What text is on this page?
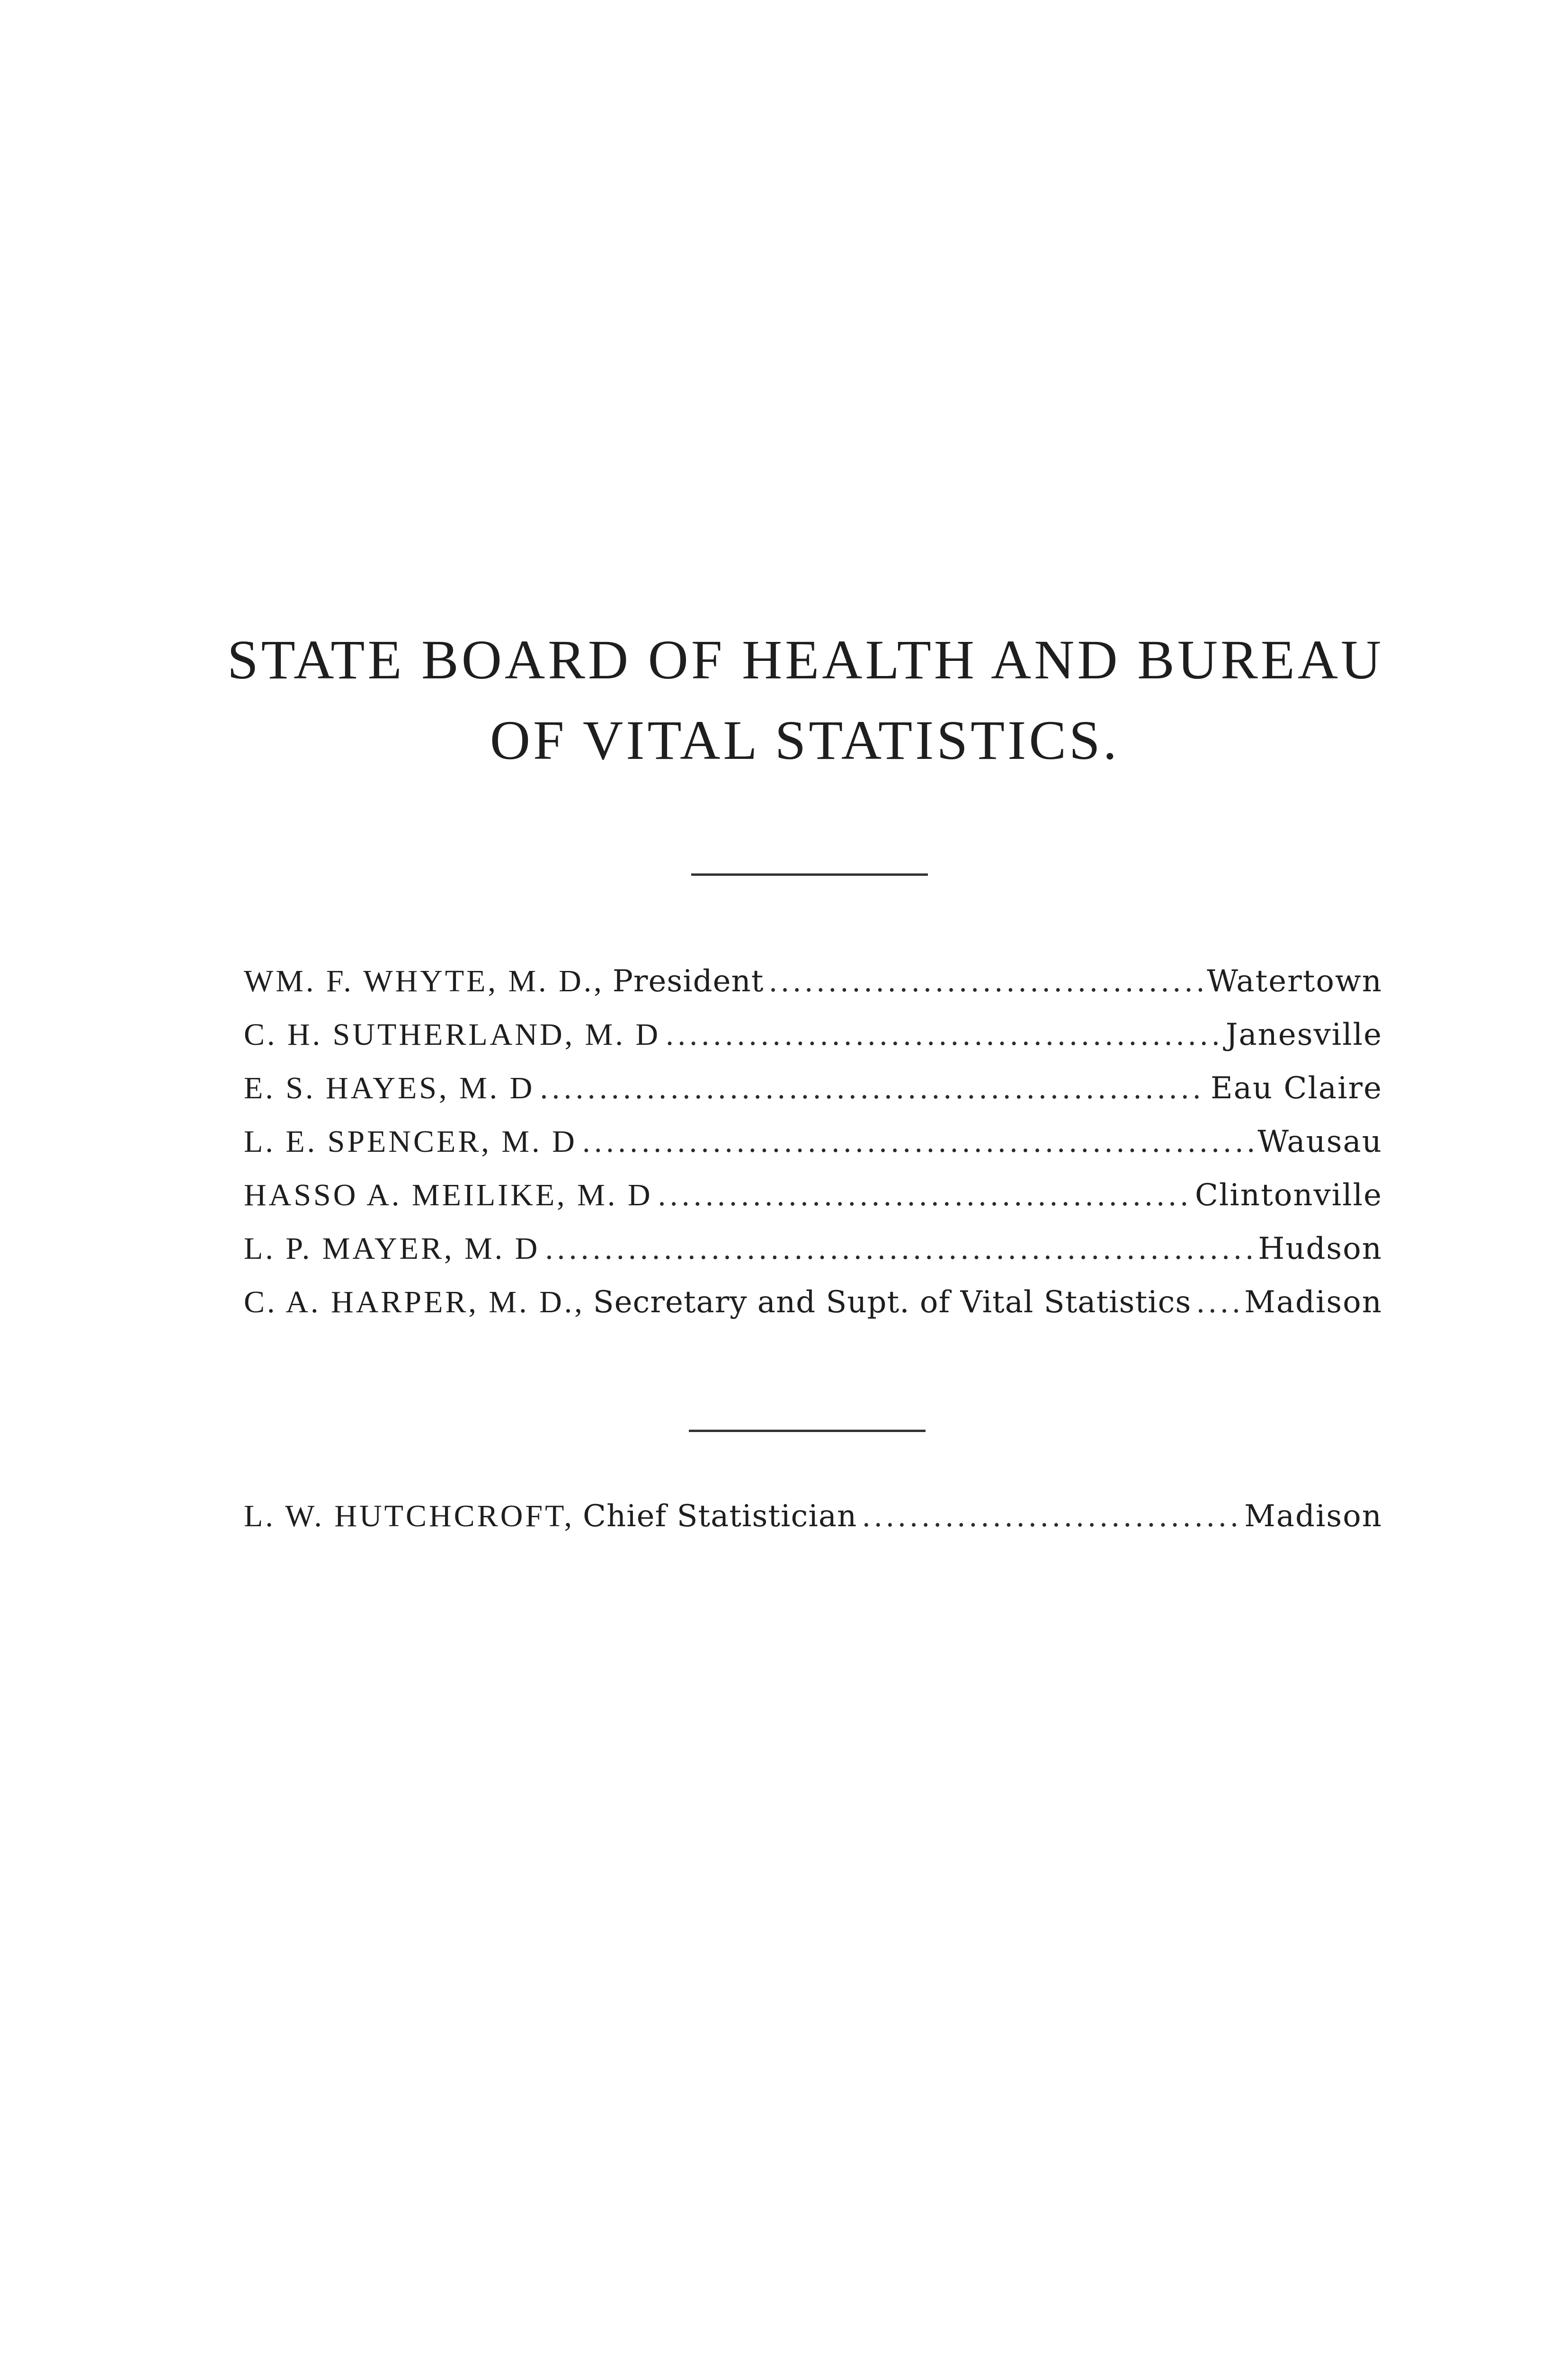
STATE BOARD OF HEALTH AND BUREAU
OF VITAL STATISTICS.
WM. F. WHYTE, M. D., President .....	Watertown
C. H. SUTHERLAND, M. D .....	Janesville
E. S. HAYES, M. D .....	Eau Claire
L. E. SPENCER, M. D .....	Wausau
HASSO A. MEILIKE, M. D .....	Clintonville
L. P. MAYER, M. D .....	Hudson
C. A. HARPER, M. D., Secretary and Supt. of Vital Statistics ..... Madison
L. W. HUTCHCROFT, Chief Statistician .....	Madison
